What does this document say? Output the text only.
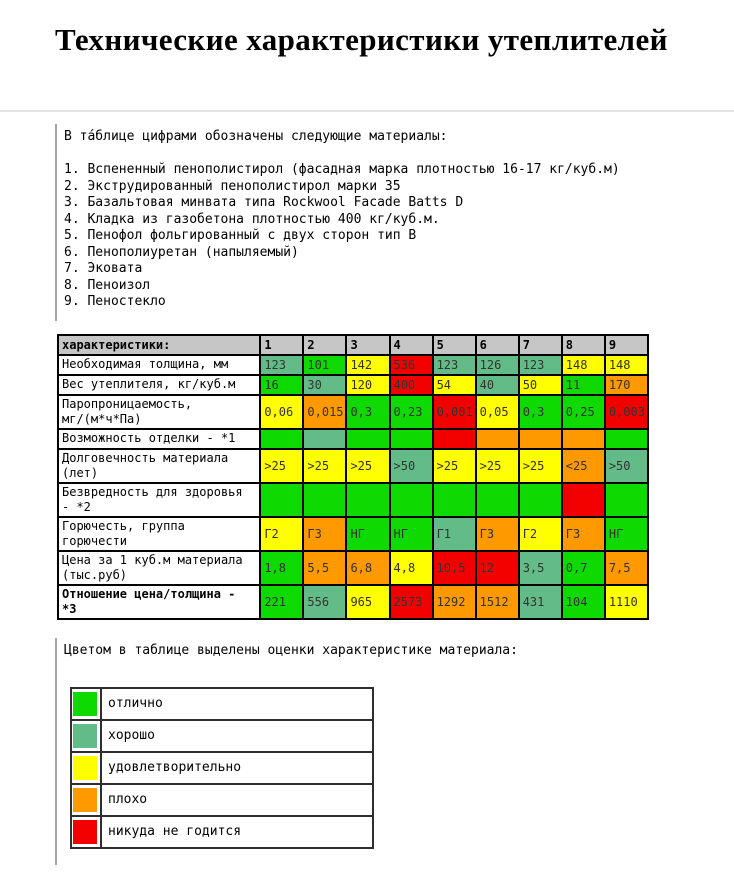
Технические характеристики утеплителей

В та́блице цифрами обозначены следующие материалы:

1. Вспененный пенополистирол (фасадная марка плотностью 16-17 кг/куб.м)
2. Экструдированный пенополистирол марки 35
3. Базальтовая минвата типа Rockwool Facade Batts D
4. Кладка из газобетона плотностью 400 кг/куб.м.
5. Пенофол фольгированный с двух сторон тип В
6. Пенополиуретан (напыляемый)
7. Эковата
8. Пеноизол
9. Пеностекло
характеристики:	1	2	3	4	5	6	7	8	9
Необходимая толщина, мм	123	101	142	536	123	126	123	148	148
Вес утеплителя, кг/куб.м	16	30	120	400	54	40	50	11	170
Паропроницаемость, мг/(м*ч*Па)	0,06	0,015	0,3	0,23	0,001	0,05	0,3	0,25	0,003
Возможность отделки - *1									
Долговечность материала (лет)	>25	>25	>25	>50	>25	>25	>25	<25	>50
Безвредность для здоровья - *2									
Горючесть, группа горючести	Г2	Г3	НГ	НГ	Г1	Г3	Г2	Г3	НГ
Цена за 1 куб.м материала (тыс.руб)	1,8	5,5	6,8	4,8	10,5	12	3,5	0,7	7,5
Отношение цена/толщина - *3	221	556	965	2573	1292	1512	431	104	1110

Цветом в таблице выделены оценки характеристике материала:

	отлично

	хорошо

	удовлетворительно

	плохо

	никуда не годится
